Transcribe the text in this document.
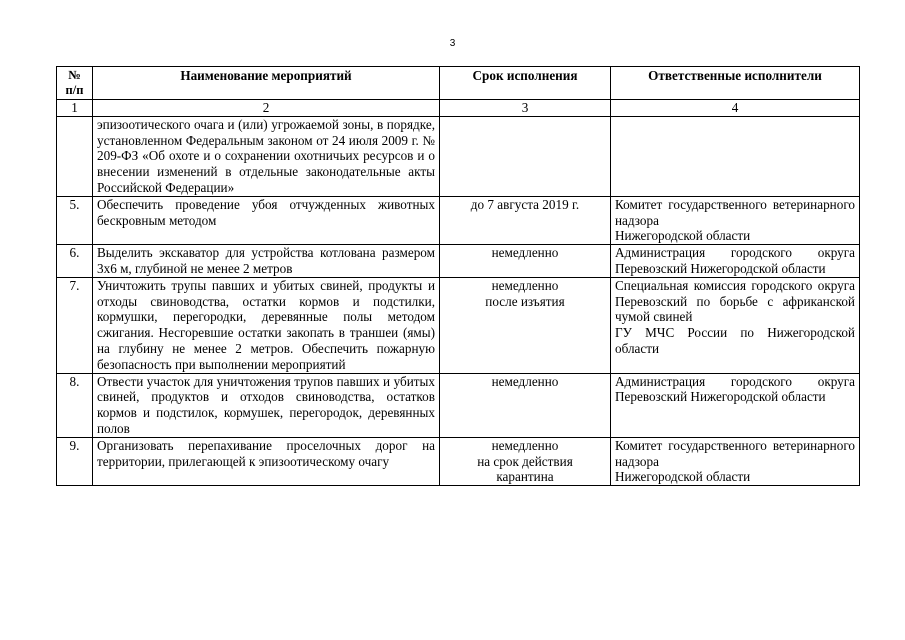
3
№
п/п	Наименование мероприятий	Срок исполнения	Ответственные исполнители
1	2	3	4
	эпизоотического очага и (или) угрожаемой зоны, в порядке, установленном Федеральным законом от 24 июля 2009 г. № 209-ФЗ «Об охоте и о сохранении охотничьих ресурсов и о внесении изменений в отдельные законодательные акты Российской Федерации»		
5.	Обеспечить проведение убоя отчужденных животных бескровным методом	до 7 августа 2019 г.	Комитет государственного ветеринарного надзора
Нижегородской области

6.	Выделить экскаватор для устройства котлована размером 3х6 м, глубиной не менее 2 метров	немедленно	Администрация городского округа Перевозский Нижегородской области

7.	Уничтожить трупы павших и убитых свиней, продукты и отходы свиноводства, остатки кормов и подстилки, кормушки, перегородки, деревянные полы методом сжигания. Несгоревшие остатки закопать в траншеи (ямы) на глубину не менее 2 метров. Обеспечить пожарную безопасность при выполнении мероприятий	немедленно
после изъятия	Специальная комиссия городского округа Перевозский по борьбе с африканской чумой свиней
ГУ МЧС России по Нижегородской области

8.	Отвести участок для уничтожения трупов павших и убитых свиней, продуктов и отходов свиноводства, остатков кормов и подстилок, кормушек, перегородок, деревянных полов	немедленно	Администрация городского округа Перевозский Нижегородской области

9.	Организовать перепахивание проселочных дорог на территории, прилегающей к эпизоотическому очагу	немедленно
на срок действия
карантина	Комитет государственного ветеринарного надзора
Нижегородской области
